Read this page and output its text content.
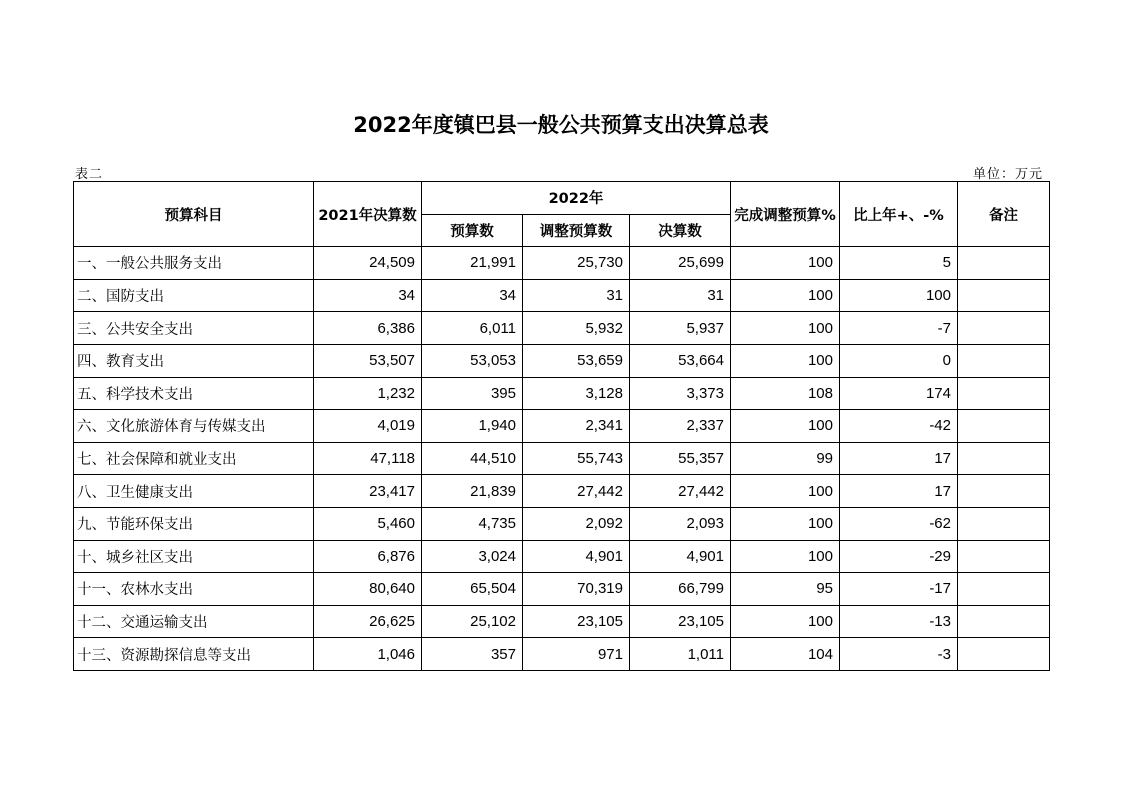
2022年度镇巴县一般公共预算支出决算总表
表二	单位：万元
预算科目	2021年决算数	2022年			完成调整预算%	比上年+、-%	备注
		预算数	调整预算数	决算数			
一、一般公共服务支出	24,509	21,991	25,730	25,699	100	5	
二、国防支出	34	34	31	31	100	100	
三、公共安全支出	6,386	6,011	5,932	5,937	100	-7	
四、教育支出	53,507	53,053	53,659	53,664	100	0	
五、科学技术支出	1,232	395	3,128	3,373	108	174	
六、文化旅游体育与传媒支出	4,019	1,940	2,341	2,337	100	-42	
七、社会保障和就业支出	47,118	44,510	55,743	55,357	99	17	
八、卫生健康支出	23,417	21,839	27,442	27,442	100	17	
九、节能环保支出	5,460	4,735	2,092	2,093	100	-62	
十、城乡社区支出	6,876	3,024	4,901	4,901	100	-29	
十一、农林水支出	80,640	65,504	70,319	66,799	95	-17	
十二、交通运输支出	26,625	25,102	23,105	23,105	100	-13	
十三、资源勘探信息等支出	1,046	357	971	1,011	104	-3	
